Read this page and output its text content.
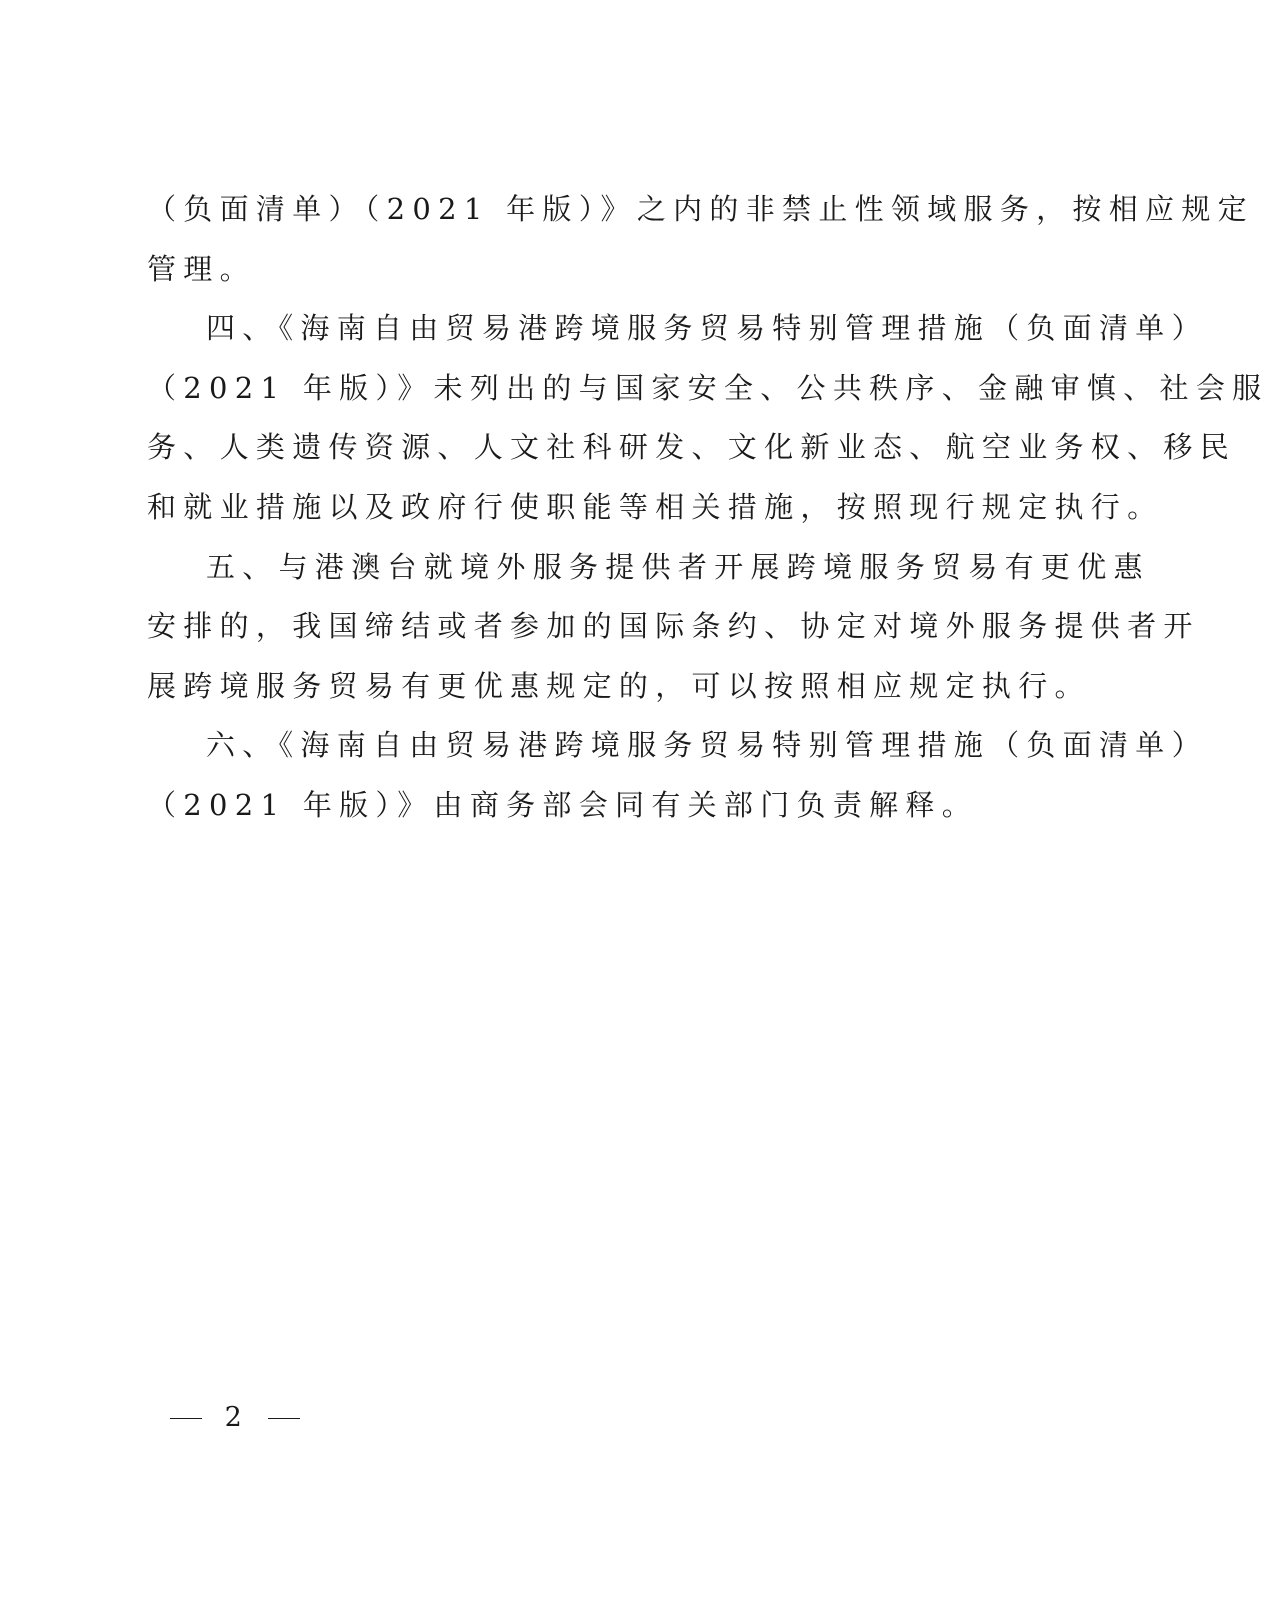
（负面清单）（2021 年版）》之内的非禁止性领域服务，按相应规定
管理。
四、《海南自由贸易港跨境服务贸易特别管理措施（负面清单）
（2021 年版）》未列出的与国家安全、公共秩序、金融审慎、社会服
务、人类遗传资源、人文社科研发、文化新业态、航空业务权、移民
和就业措施以及政府行使职能等相关措施，按照现行规定执行。
五、与港澳台就境外服务提供者开展跨境服务贸易有更优惠
安排的，我国缔结或者参加的国际条约、协定对境外服务提供者开
展跨境服务贸易有更优惠规定的，可以按照相应规定执行。
六、《海南自由贸易港跨境服务贸易特别管理措施（负面清单）
（2021 年版）》由商务部会同有关部门负责解释。
2
